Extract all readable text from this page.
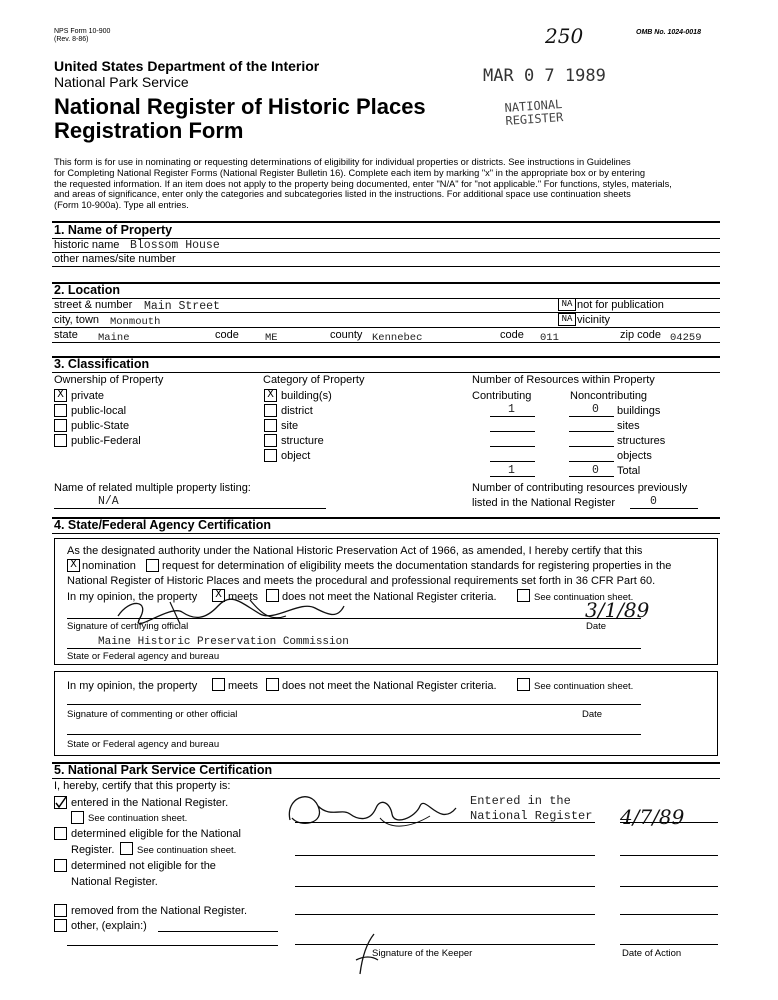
NPS Form 10-900
(Rev. 8-86)	250	OMB No. 1024-0018
United States Department of the Interior
National Park Service
National Register of Historic Places
Registration Form
MAR 0 7 1989
NATIONAL
REGISTER
This form is for use in nominating or requesting determinations of eligibility for individual properties or districts. See instructions in Guidelines
for Completing National Register Forms (National Register Bulletin 16). Complete each item by marking "x" in the appropriate box or by entering
the requested information. If an item does not apply to the property being documented, enter "N/A" for "not applicable." For functions, styles, materials,
and areas of significance, enter only the categories and subcategories listed in the instructions. For additional space use continuation sheets
(Form 10-900a). Type all entries.
1. Name of Property
historic name Blossom House
other names/site number
2. Location
street & number Main Street	NA not for publication
city, town Monmouth	NA vicinity
state Maine	code ME	county Kennebec	code 011	zip code 04259
3. Classification
Ownership of Property	Category of Property	Number of Resources within Property
Contributing	Noncontributing
X private
public-local
public-State
public-Federal
X building(s)
district
site
structure
object
1	0 buildings
sites
structures
objects
1	0 Total
Name of related multiple property listing:
N/A
Number of contributing resources previously
listed in the National Register	0
4. State/Federal Agency Certification
As the designated authority under the National Historic Preservation Act of 1966, as amended, I hereby certify that this
X nomination request for determination of eligibility meets the documentation standards for registering properties in the
National Register of Historic Places and meets the procedural and professional requirements set forth in 36 CFR Part 60.
In my opinion, the property X meets does not meet the National Register criteria.	See continuation sheet.
3/1/89
Signature of certifying official	Date
Maine Historic Preservation Commission
State or Federal agency and bureau
In my opinion, the property	meets does not meet the National Register criteria.	See continuation sheet.
Signature of commenting or other official	Date
State or Federal agency and bureau
5. National Park Service Certification
I, hereby, certify that this property is:
entered in the National Register.
See continuation sheet.
determined eligible for the National
Register. See continuation sheet.
determined not eligible for the
National Register.
removed from the National Register.
other, (explain:)
Entered in the
National Register 4/7/89
Signature of the Keeper	Date of Action
